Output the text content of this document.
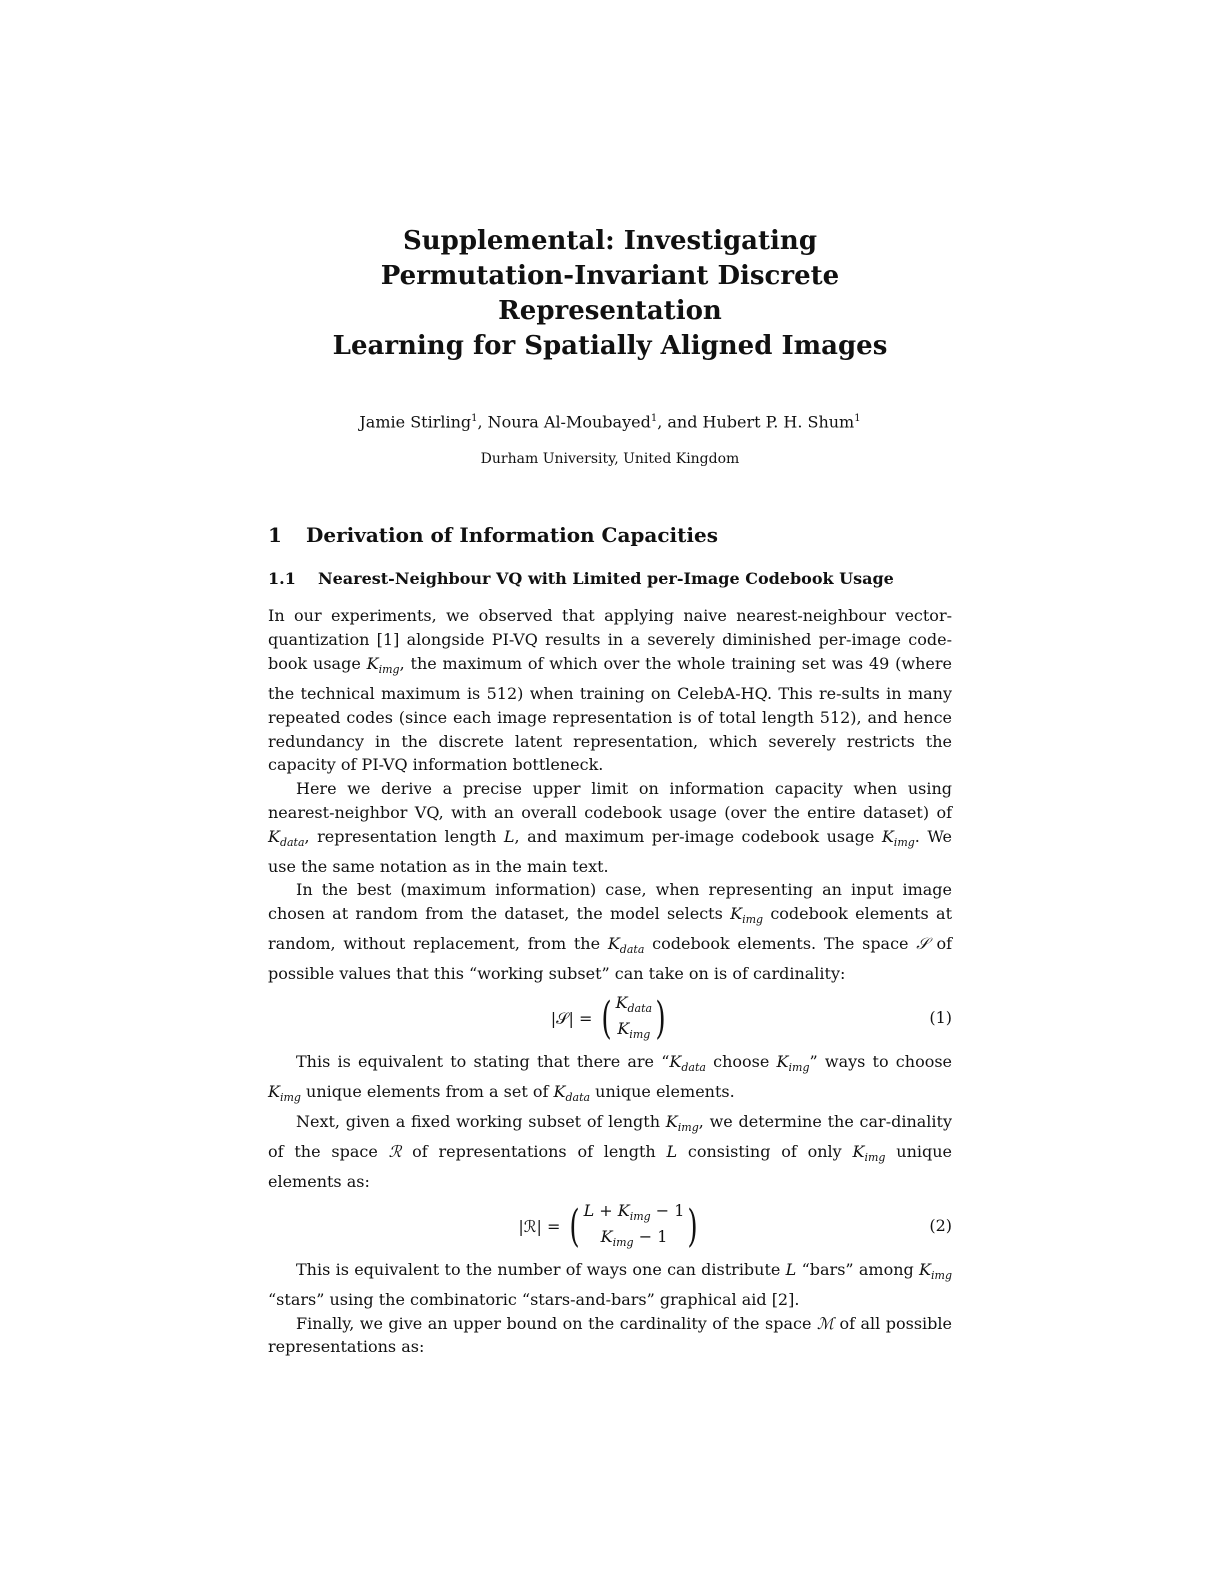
Supplemental: Investigating
Permutation-Invariant Discrete Representation
Learning for Spatially Aligned Images
Jamie Stirling$^1$, Noura Al-Moubayed$^1$, and Hubert P. H. Shum$^1$
Durham University, United Kingdom
1	Derivation of Information Capacities
1.1	Nearest-Neighbour VQ with Limited per-Image Codebook Usage

In our experiments, we observed that applying naive nearest-neighbour vector-quantization [1] alongside PI-VQ results in a severely diminished per-image code-book usage $K_{img}$, the maximum of which over the whole training set was 49 (where the technical maximum is 512) when training on CelebA-HQ. This re-sults in many repeated codes (since each image representation is of total length 512), and hence redundancy in the discrete latent representation, which severely restricts the capacity of PI-VQ information bottleneck.

Here we derive a precise upper limit on information capacity when using nearest-neighbor VQ, with an overall codebook usage (over the entire dataset) of $K_{data}$, representation length L, and maximum per-image codebook usage $K_{img}$. We use the same notation as in the main text.

In the best (maximum information) case, when representing an input image chosen at random from the dataset, the model selects $K_{img}$ codebook elements at random, without replacement, from the $K_{data}$ codebook elements. The space 𝒮 of possible values that this “working subset” can take on is of cardinality:

|𝒮| = ( $K_{data}$
$K_{img}$ )	(1)

This is equivalent to stating that there are “$K_{data}$ choose $K_{img}$” ways to choose $K_{img}$ unique elements from a set of $K_{data}$ unique elements.

Next, given a fixed working subset of length $K_{img}$, we determine the car-dinality of the space ℛ of representations of length L consisting of only $K_{img}$ unique elements as:

|ℛ| = ( $L + K_{img} - 1$
$K_{img} - 1$ )	(2)

This is equivalent to the number of ways one can distribute L “bars” among $K_{img}$ “stars” using the combinatoric “stars-and-bars” graphical aid [2].

Finally, we give an upper bound on the cardinality of the space ℳ of all possible representations as:
